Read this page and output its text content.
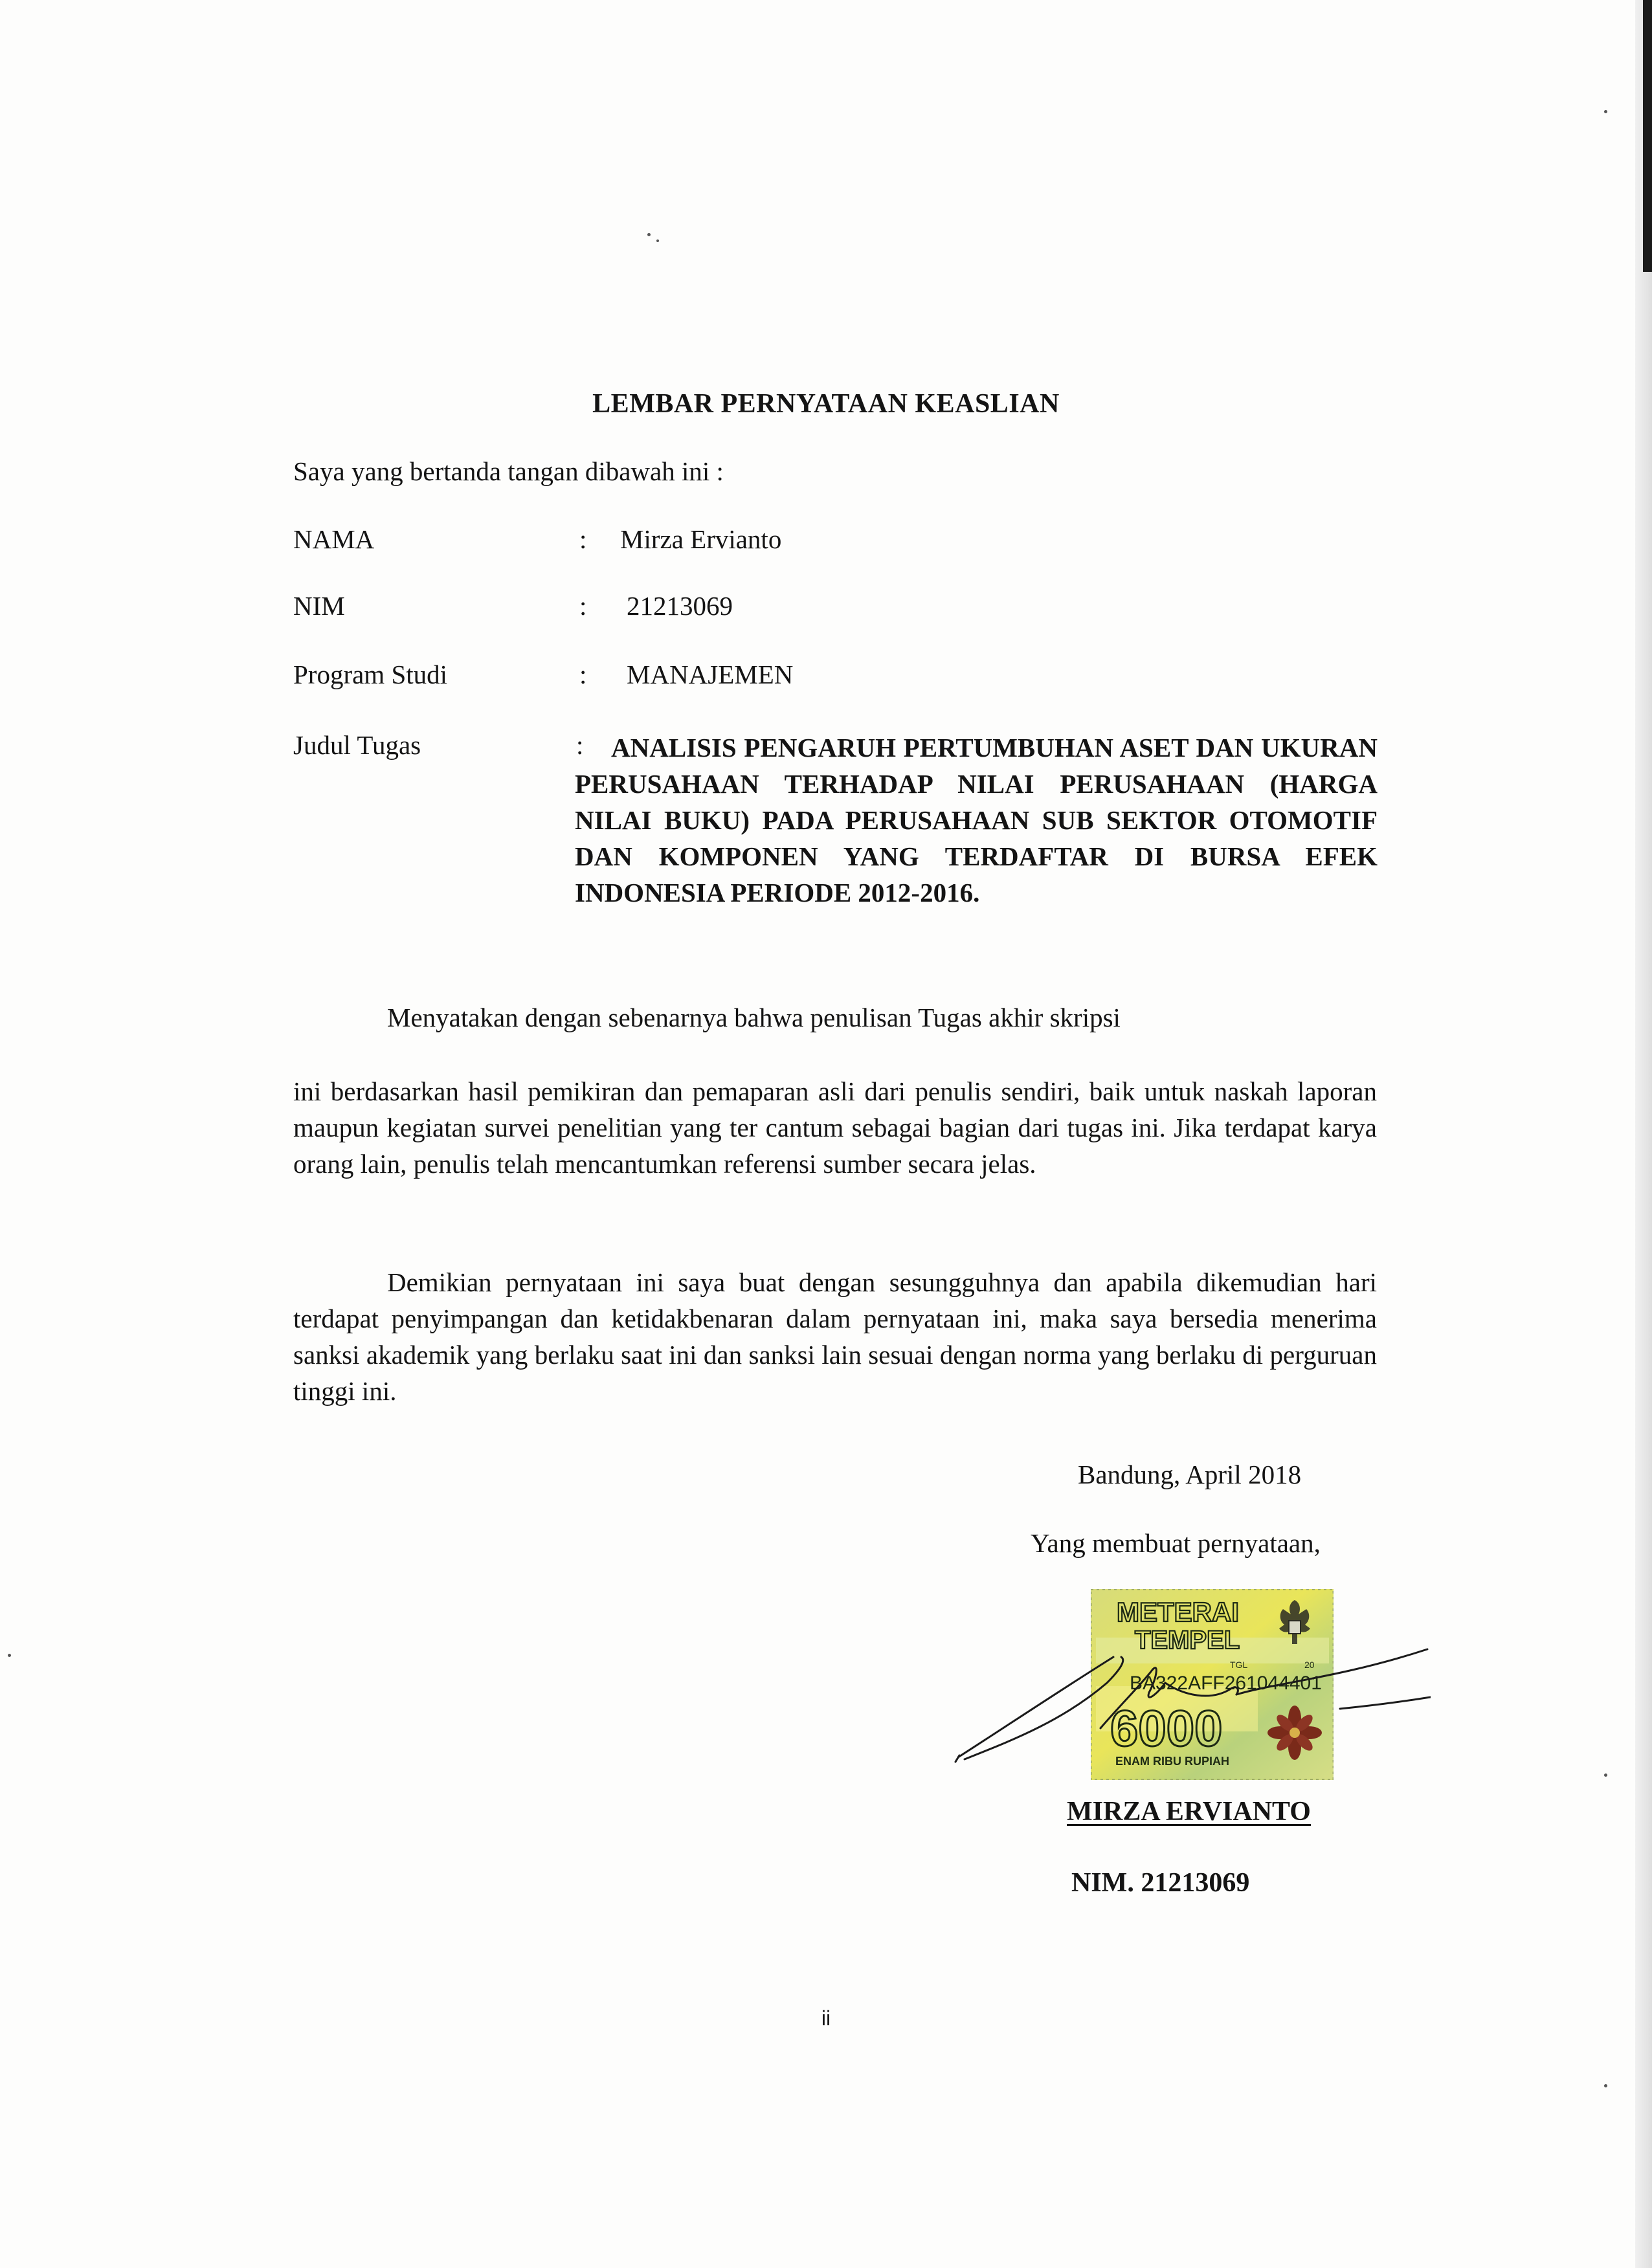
LEMBAR PERNYATAAN KEASLIAN
Saya yang bertanda tangan dibawah ini :
NAMA	: Mirza Ervianto
NIM	: 21213069
Program Studi	: MANAJEMEN
Judul Tugas	:	ANALISIS PENGARUH PERTUMBUHAN ASET DAN UKURAN PERUSAHAAN TERHADAP NILAI PERUSAHAAN (HARGA NILAI BUKU) PADA PERUSAHAAN SUB SEKTOR OTOMOTIF DAN KOMPONEN YANG TERDAFTAR DI BURSA EFEK INDONESIA PERIODE 2012-2016.
Menyatakan dengan sebenarnya bahwa penulisan Tugas akhir skripsi
ini berdasarkan hasil pemikiran dan pemaparan asli dari penulis sendiri, baik untuk naskah laporan maupun kegiatan survei penelitian yang ter cantum sebagai bagian dari tugas ini. Jika terdapat karya orang lain, penulis telah mencantumkan referensi sumber secara jelas.
Demikian pernyataan ini saya buat dengan sesungguhnya dan apabila dikemudian hari terdapat penyimpangan dan ketidakbenaran dalam pernyataan ini, maka saya bersedia menerima sanksi akademik yang berlaku saat ini dan sanksi lain sesuai dengan norma yang berlaku di perguruan tinggi ini.
Bandung, April 2018
Yang membuat pernyataan,
METERAI
TEMPEL
TGL	20
BA322AFF261044401
6000
ENAM RIBU RUPIAH
MIRZA ERVIANTO
NIM. 21213069
ii
